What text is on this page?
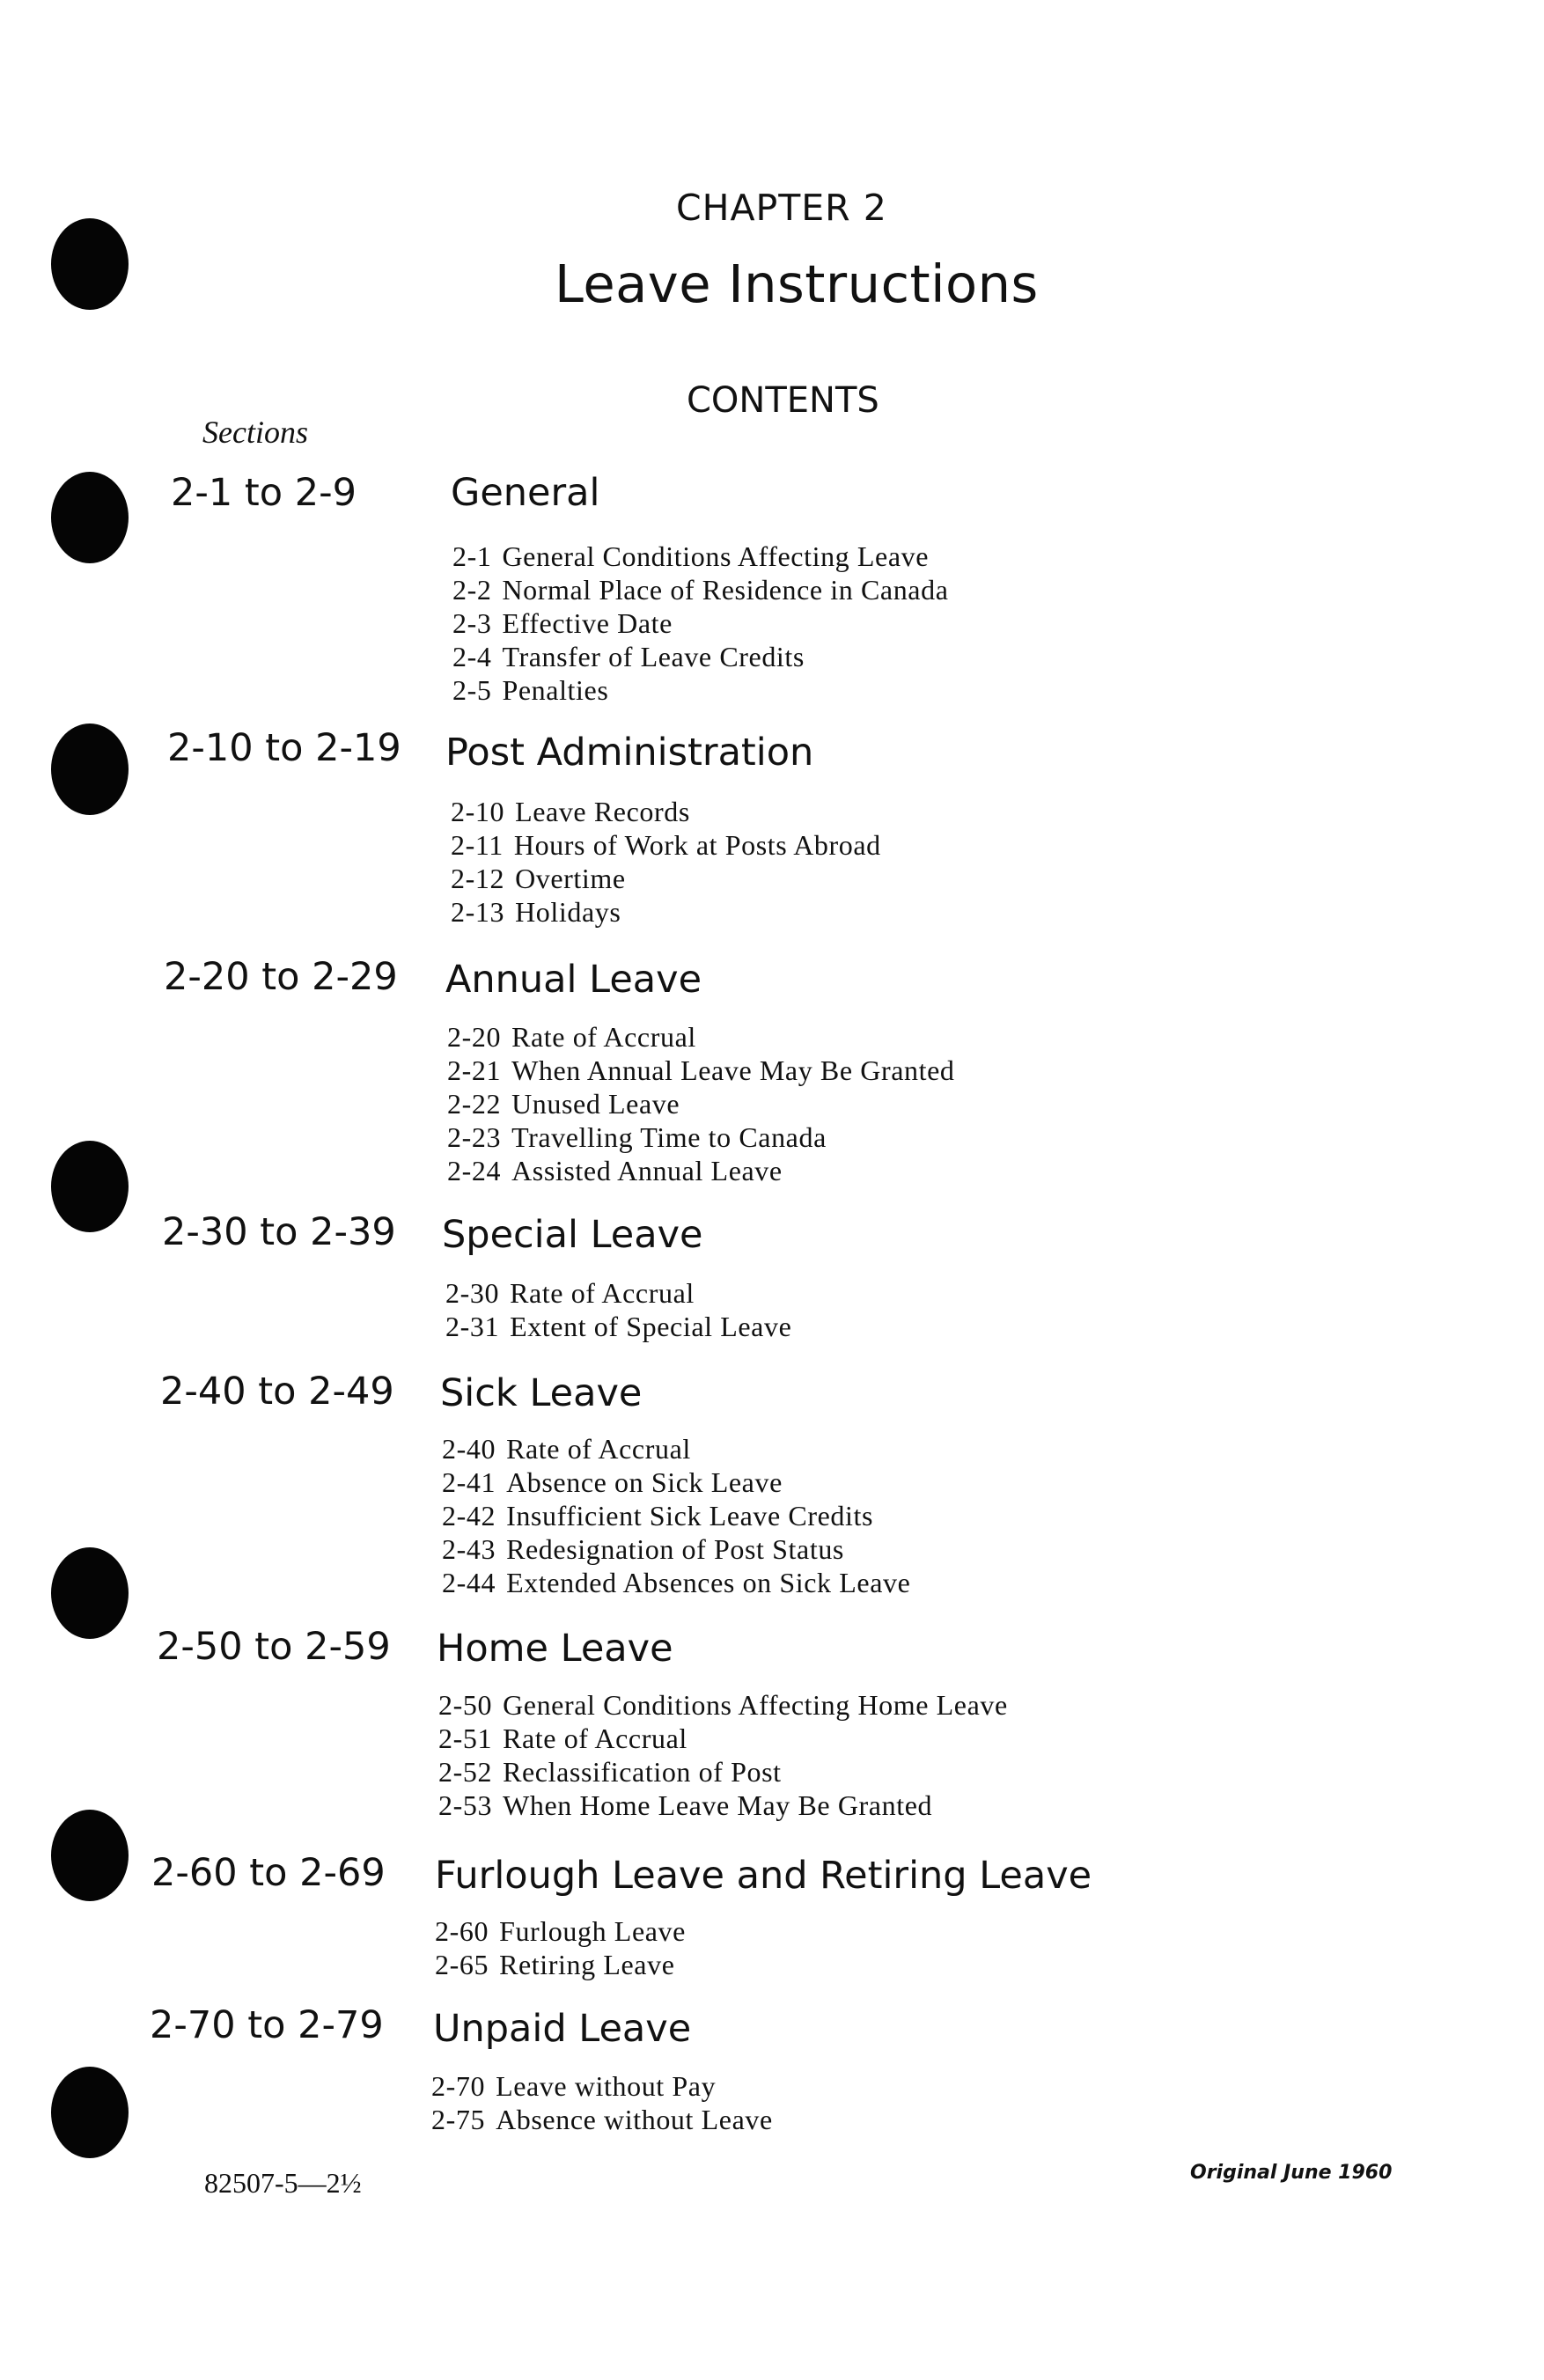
CHAPTER 2
Leave Instructions
CONTENTS
Sections
2-1 to 2-9	General
2-1 General Conditions Affecting Leave
2-2 Normal Place of Residence in Canada
2-3 Effective Date
2-4 Transfer of Leave Credits
2-5 Penalties
2-10 to 2-19	Post Administration
2-10 Leave Records
2-11 Hours of Work at Posts Abroad
2-12 Overtime
2-13 Holidays
2-20 to 2-29	Annual Leave
2-20 Rate of Accrual
2-21 When Annual Leave May Be Granted
2-22 Unused Leave
2-23 Travelling Time to Canada
2-24 Assisted Annual Leave
2-30 to 2-39	Special Leave
2-30 Rate of Accrual
2-31 Extent of Special Leave
2-40 to 2-49	Sick Leave
2-40 Rate of Accrual
2-41 Absence on Sick Leave
2-42 Insufficient Sick Leave Credits
2-43 Redesignation of Post Status
2-44 Extended Absences on Sick Leave
2-50 to 2-59	Home Leave
2-50 General Conditions Affecting Home Leave
2-51 Rate of Accrual
2-52 Reclassification of Post
2-53 When Home Leave May Be Granted
2-60 to 2-69	Furlough Leave and Retiring Leave
2-60 Furlough Leave
2-65 Retiring Leave
2-70 to 2-79	Unpaid Leave
2-70 Leave without Pay
2-75 Absence without Leave
82507-5—2½	Original June 1960
